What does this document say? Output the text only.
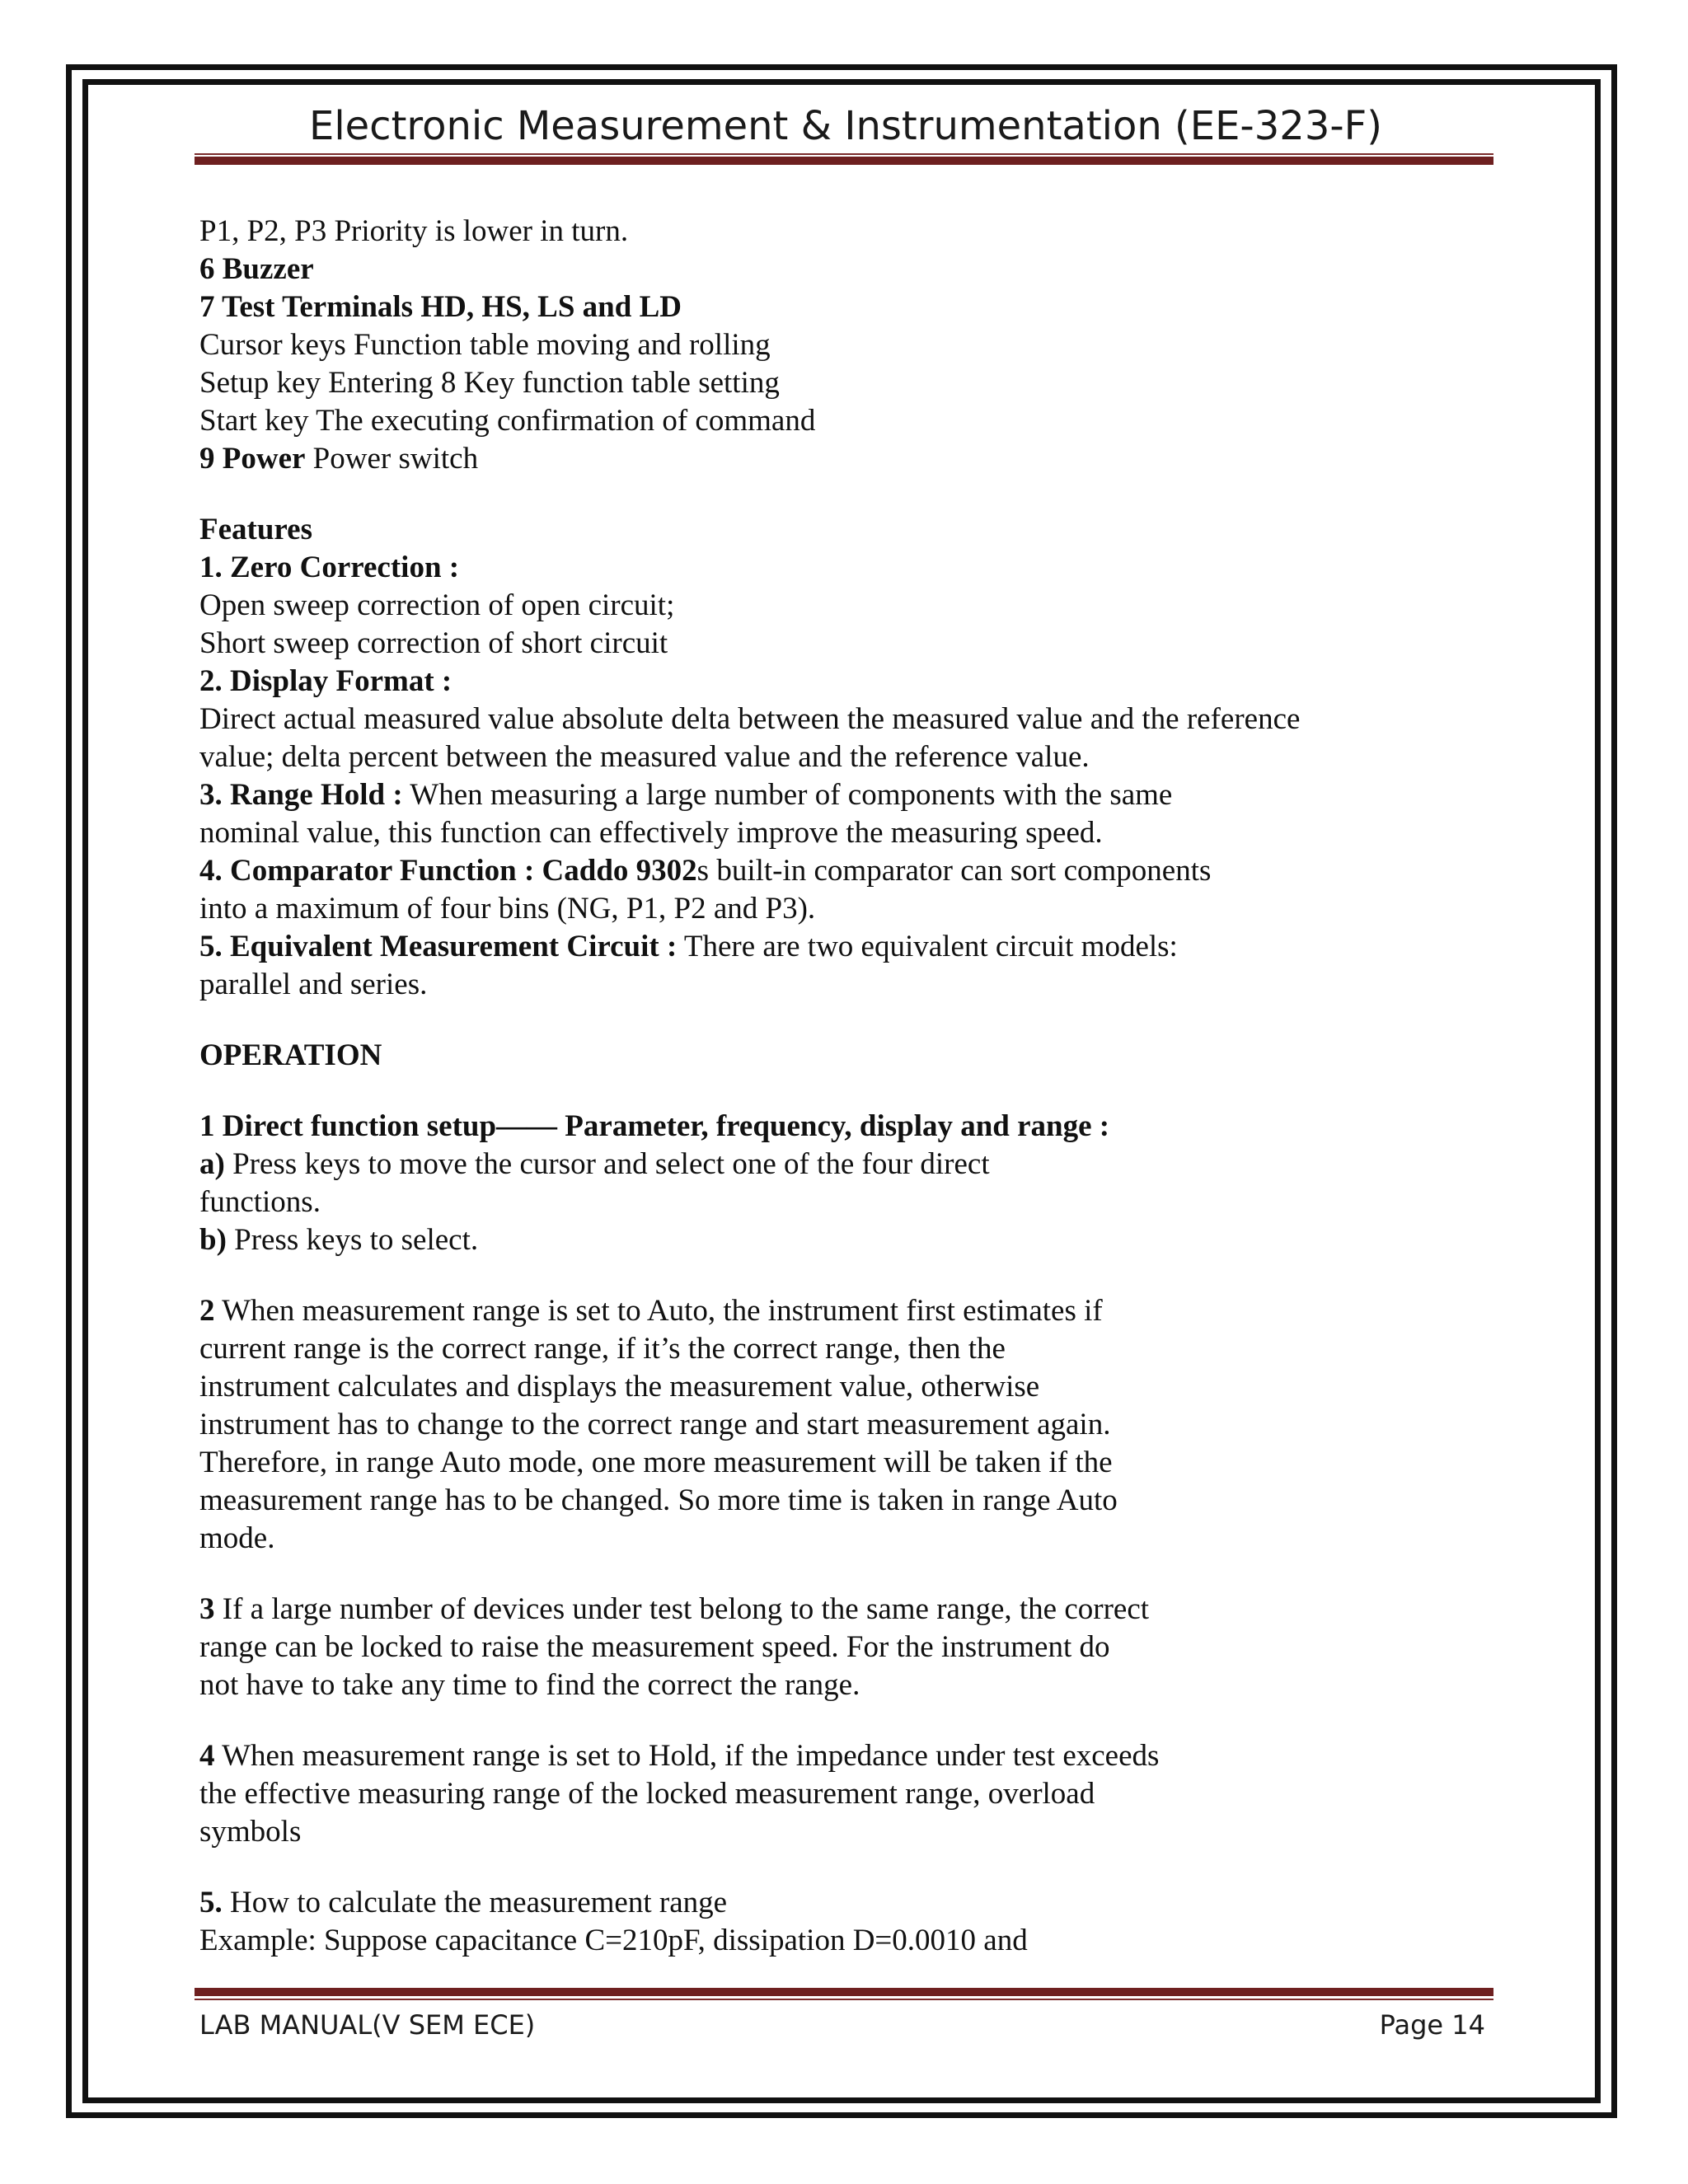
Electronic Measurement & Instrumentation (EE-323-F)

P1, P2, P3 Priority is lower in turn.

6 Buzzer

7 Test Terminals HD, HS, LS and LD

Cursor keys Function table moving and rolling

Setup key Entering 8 Key function table setting

Start key The executing confirmation of command

9 Power Power switch

Features

1. Zero Correction :

Open sweep correction of open circuit;

Short sweep correction of short circuit

2. Display Format :

Direct actual measured value absolute delta between the measured value and the reference

value; delta percent between the measured value and the reference value.

3. Range Hold : When measuring a large number of components with the same

nominal value, this function can effectively improve the measuring speed.

4. Comparator Function : Caddo 9302s built-in comparator can sort components

into a maximum of four bins (NG, P1, P2 and P3).

5. Equivalent Measurement Circuit : There are two equivalent circuit models:

parallel and series.

OPERATION

1 Direct function setup—— Parameter, frequency, display and range :

a) Press keys to move the cursor and select one of the four direct

functions.

b) Press keys to select.

2 When measurement range is set to Auto, the instrument first estimates if

current range is the correct range, if it’s the correct range, then the

instrument calculates and displays the measurement value, otherwise

instrument has to change to the correct range and start measurement again.

Therefore, in range Auto mode, one more measurement will be taken if the

measurement range has to be changed. So more time is taken in range Auto

mode.

3 If a large number of devices under test belong to the same range, the correct

range can be locked to raise the measurement speed. For the instrument do

not have to take any time to find the correct the range.

4 When measurement range is set to Hold, if the impedance under test exceeds

the effective measuring range of the locked measurement range, overload

symbols

5. How to calculate the measurement range

Example: Suppose capacitance C=210pF, dissipation D=0.0010 and

LAB MANUAL(V SEM ECE)	Page 14
